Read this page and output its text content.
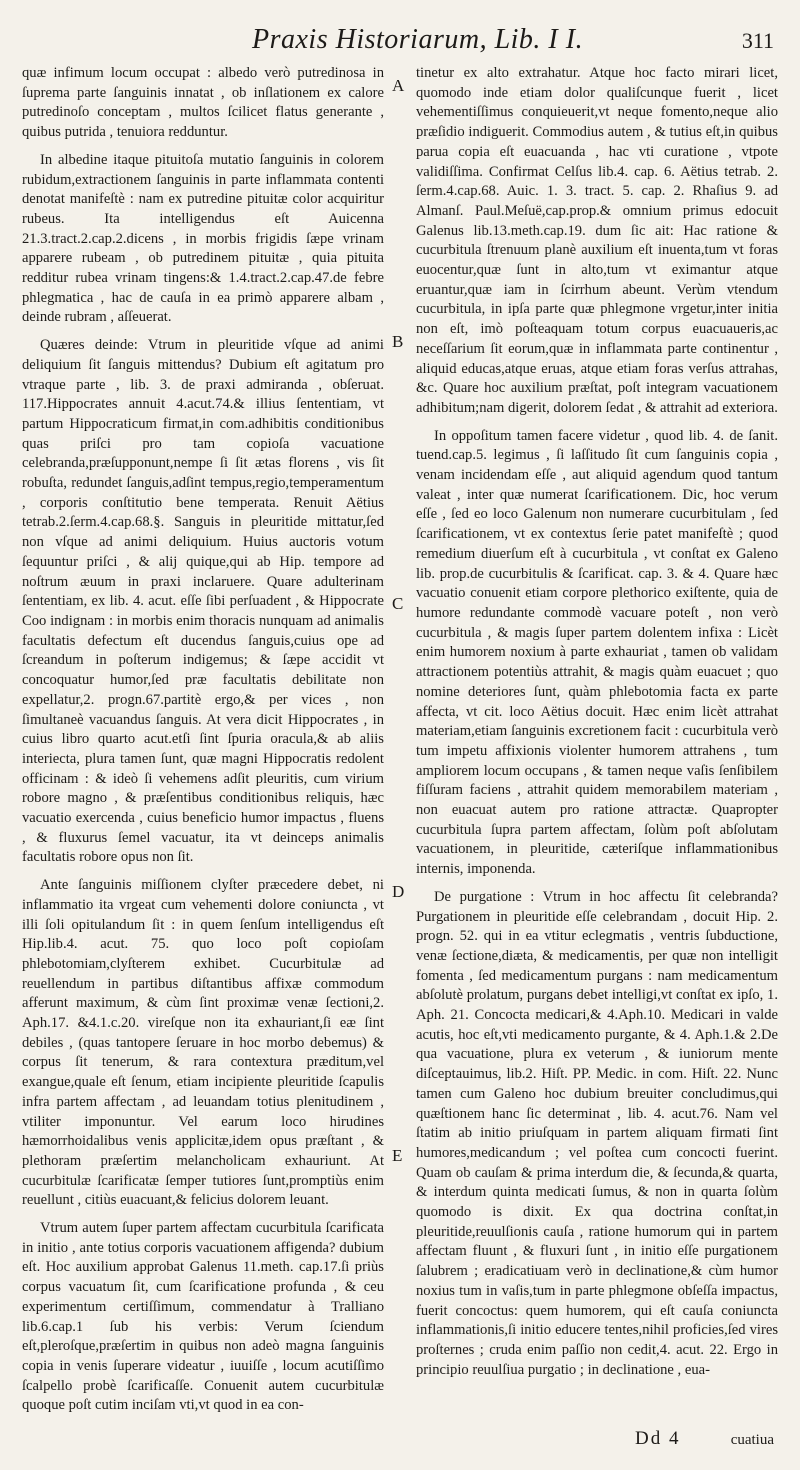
Praxis Historiarum, Lib. I I.	311

quæ infimum locum occupat : albedo verò putredinosa in ſuprema parte ſanguinis innatat , ob inſlationem ex calore putredinoſo conceptam , multos ſcilicet flatus generante , quibus putrida , tenuiora redduntur.

In albedine itaque pituitoſa mutatio ſanguinis in colorem rubidum,extractionem ſanguinis in parte inflammata contenti denotat manifeſtè : nam ex putredine pituitæ color acquiritur rubeus. Ita intelligendus eſt Auicenna 21.3.tract.2.cap.2.dicens , in morbis frigidis ſæpe vrinam apparere rubeam , ob putredinem pituitæ , quia pituita redditur rubea vrinam tingens:& 1.4.tract.2.cap.47.de febre phlegmatica , hac de cauſa in ea primò apparere albam , deinde rubram , aſſeuerat.

Quæres deinde: Vtrum in pleuritide vſque ad animi deliquium ſit ſanguis mittendus? Dubium eſt agitatum pro vtraque parte , lib. 3. de praxi admiranda , obſeruat. 117.Hippocrates annuit 4.acut.74.& illius ſententiam, vt partum Hippocraticum firmat,in com.adhibitis conditionibus quas priſci pro tam copioſa vacuatione celebranda,præſupponunt,nempe ſi ſit ætas florens , vis ſit robuſta, redundet ſanguis,adſint tempus,regio,temperamentum , corporis conſtitutio bene temperata. Renuit Aëtius tetrab.2.ſerm.4.cap.68.§. Sanguis in pleuritide mittatur,ſed non vſque ad animi deliquium. Huius auctoris votum ſequuntur priſci , & alij quique,qui ab Hip. tempore ad noſtrum æuum in praxi inclaruere. Quare adulterinam ſententiam, ex lib. 4. acut. eſſe ſibi perſuadent , & Hippocrate Coo indignam : in morbis enim thoracis nunquam ad animalis facultatis defectum eſt ducendus ſanguis,cuius ope ad ſcreandum in poſterum indigemus; & ſæpe accidit vt concoquatur humor,ſed præ facultatis debilitate non expellatur,2. progn.67.partitè ergo,& per vices , non ſimultaneè vacuandus ſanguis. At vera dicit Hippocrates , in cuius libro quarto acut.etſi ſint ſpuria oracula,& ab aliis interiecta, plura tamen ſunt, quæ magni Hippocratis redolent officinam : & ideò ſi vehemens adſit pleuritis, cum virium robore magno , & præſentibus conditionibus reliquis, hæc vacuatio exercenda , cuius beneficio humor impactus , fluens , & fluxurus ſemel vacuatur, ita vt deinceps animalis facultatis robore opus non ſit.

Ante ſanguinis miſſionem clyſter præcedere debet, ni inflammatio ita vrgeat cum vehementi dolore coniuncta , vt illi ſoli opitulandum ſit : in quem ſenſum intelligendus eſt Hip.lib.4. acut. 75. quo loco poſt copioſam phlebotomiam,clyſterem exhibet. Cucurbitulæ ad reuellendum in partibus diſtantibus affixæ commodum afferunt maximum, & cùm ſint proximæ venæ ſectioni,2. Aph.17. &4.1.c.20. vireſque non ita exhauriant,ſi eæ ſint debiles , (quas tantopere ſeruare in hoc morbo debemus) & corpus ſit tenerum, & rara contextura præditum,vel exangue,quale eſt ſenum, etiam incipiente pleuritide ſcapulis infra partem affectam , ad leuandam totius plenitudinem , vtiliter imponuntur. Vel earum loco hirudines hæmorrhoidalibus venis applicitæ,idem opus præſtant , & plethoram præſertim melancholicam exhauriunt. At cucurbitulæ ſcarificatæ ſemper tutiores ſunt,promptiùs enim reuellunt , citiùs euacuant,& felicius dolorem leuant.

Vtrum autem ſuper partem affectam cucurbitula ſcarificata in initio , ante totius corporis vacuationem affigenda? dubium eſt. Hoc auxilium approbat Galenus 11.meth. cap.17.ſi priùs corpus vacuatum ſit, cum ſcarificatione profunda , & ceu experimentum certiſſimum, commendatur à Tralliano lib.6.cap.1 ſub his verbis: Verum ſciendum eſt,pleroſque,præſertim in quibus non adeò magna ſanguinis copia in venis ſuperare videatur , iuuiſſe , locum acutiſſimo ſcalpello probè ſcarificaſſe. Conuenit autem cucurbitulæ quoque poſt cutim inciſam vti,vt quod in ea con-

A
B
C
D
E

tinetur ex alto extrahatur. Atque hoc facto mirari licet, quomodo inde etiam dolor qualiſcunque fuerit , licet vehementiſſimus conquieuerit,vt neque fomento,neque alio præſidio indiguerit. Commodius autem , & tutius eſt,in quibus parua copia eſt euacuanda , hac vti curatione , vtpote validiſſima. Confirmat Celſus lib.4. cap. 6. Aëtius tetrab. 2. ſerm.4.cap.68. Auic. 1. 3. tract. 5. cap. 2. Rhaſius 9. ad Almanſ. Paul.Meſuë,cap.prop.& omnium primus edocuit Galenus lib.13.meth.cap.19. dum ſic ait: Hac ratione & cucurbitula ſtrenuum planè auxilium eſt inuenta,tum vt foras euocentur,quæ ſunt in alto,tum vt eximantur atque eruantur,quæ iam in ſcirrhum abeunt. Verùm vtendum cucurbitula, in ipſa parte quæ phlegmone vrgetur,inter initia non eſt, imò poſteaquam totum corpus euacuaueris,ac neceſſarium ſit eorum,quæ in inflammata parte continentur , aliquid educas,atque eruas, atque etiam foras verſus attrahas, &c. Quare hoc auxilium præſtat, poſt integram vacuationem adhibitum;nam digerit, dolorem ſedat , & attrahit ad exteriora.

In oppoſitum tamen facere videtur , quod lib. 4. de ſanit. tuend.cap.5. legimus , ſi laſſitudo ſit cum ſanguinis copia , venam incidendam eſſe , aut aliquid agendum quod tantum valeat , inter quæ numerat ſcarificationem. Dic, hoc verum eſſe , ſed eo loco Galenum non numerare cucurbitulam , ſed ſcarificationem, vt ex contextus ſerie patet manifeſtè ; quod remedium diuerſum eſt à cucurbitula , vt conſtat ex Galeno lib. prop.de cucurbitulis & ſcarificat. cap. 3. & 4. Quare hæc vacuatio conuenit etiam corpore plethorico exiſtente, quia de humore redundante commodè vacuare poteſt , non verò cucurbitula , & magis ſuper partem dolentem infixa : Licèt enim humorem noxium à parte exhauriat , tamen ob validam attractionem potentiùs attrahit, & magis quàm euacuet ; quo nomine deteriores ſunt, quàm phlebotomia facta ex parte affecta, vt cit. loco Aëtius docuit. Hæc enim licèt attrahat materiam,etiam ſanguinis excretionem facit : cucurbitula verò tum impetu affixionis violenter humorem attrahens , tum ampliorem locum occupans , & tamen neque vaſis ſenſibilem fiſſuram faciens , attrahit quidem memorabilem materiam , non euacuat autem pro ratione attractæ. Quapropter cucurbitula ſupra partem affectam, ſolùm poſt abſolutam vacuationem, in pleuritide, cæteriſque inflammationibus internis, imponenda.

De purgatione : Vtrum in hoc affectu ſit celebranda? Purgationem in pleuritide eſſe celebrandam , docuit Hip. 2. progn. 52. qui in ea vtitur eclegmatis , ventris ſubductione, venæ ſectione,diæta, & medicamentis, per quæ non intelligit fomenta , ſed medicamentum purgans : nam medicamentum abſolutè prolatum, purgans debet intelligi,vt conſtat ex ipſo, 1. Aph. 21. Concocta medicari,& 4.Aph.10. Medicari in valde acutis, hoc eſt,vti medicamento purgante, & 4. Aph.1.& 2.De qua vacuatione, plura ex veterum , & iuniorum mente diſceptauimus, lib.2. Hiſt. PP. Medic. in com. Hiſt. 22. Nunc tamen cum Galeno hoc dubium breuiter concludimus,qui quæſtionem hanc ſic determinat , lib. 4. acut.76. Nam vel ſtatim ab initio priuſquam in partem aliquam firmati ſint humores,medicandum ; vel poſtea cum concocti fuerint. Quam ob cauſam & prima interdum die, & ſecunda,& quarta, & interdum quinta medicati ſumus, & non in quarta ſolùm quomodo is dixit. Ex qua doctrina conſtat,in pleuritide,reuulſionis cauſa , ratione humorum qui in partem affectam fluunt , & fluxuri ſunt , in initio eſſe purgationem ſalubrem ; eradicatiuam verò in declinatione,& cùm humor noxius tum in vaſis,tum in parte phlegmone obſeſſa impactus, fuerit concoctus: quem humorem, qui eſt cauſa coniuncta inflammationis,ſi initio educere tentes,nihil proficies,ſed vires proſternes ; cruda enim paſſio non cedit,4. acut. 22. Ergo in principio reuulſiua purgatio ; in declinatione , eua-

Dd 4	cuatiua
